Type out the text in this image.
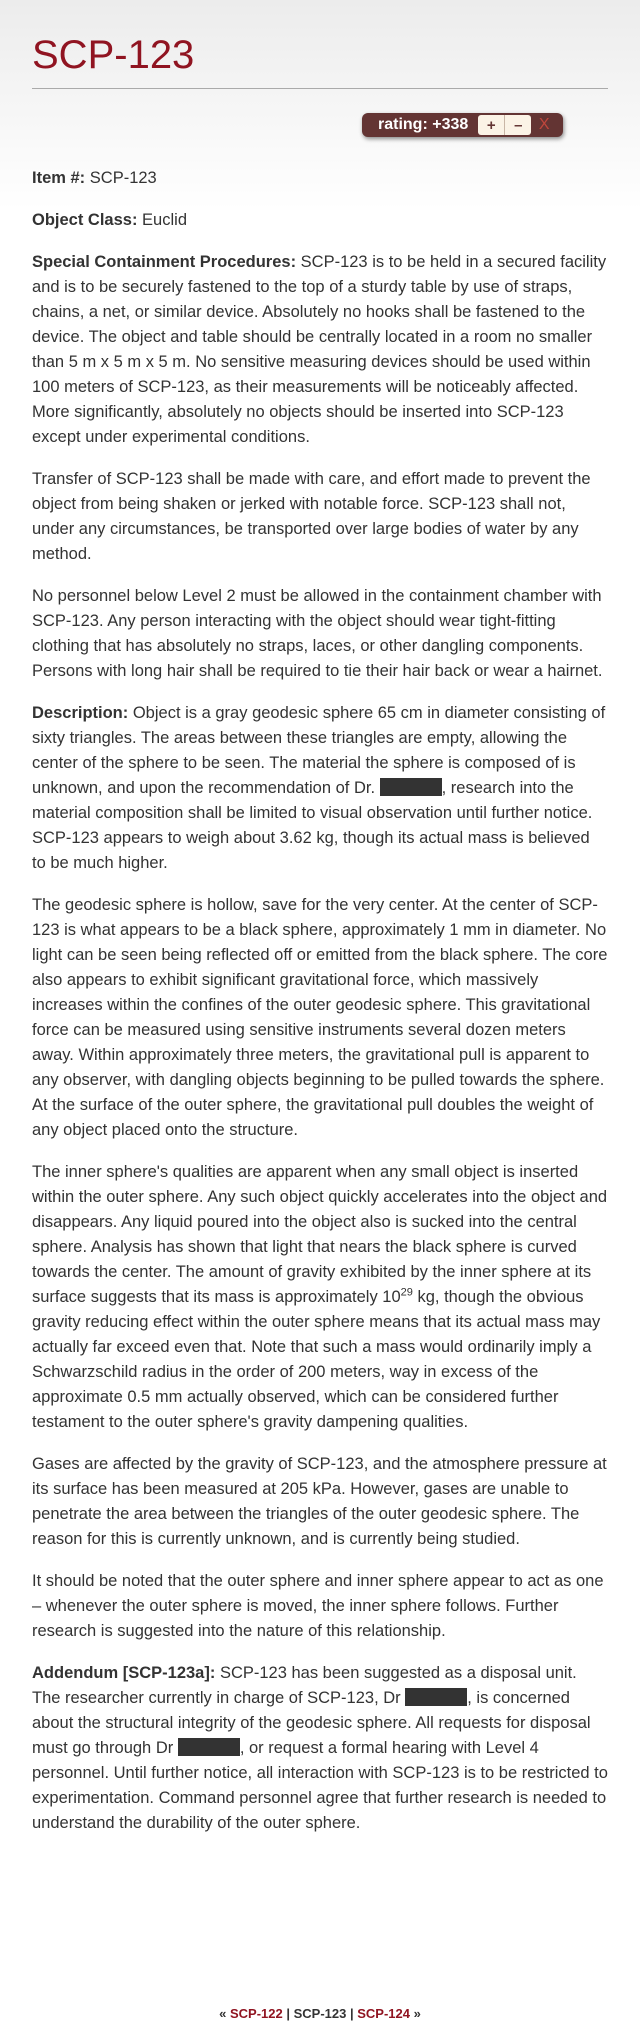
SCP-123
rating: +338	+	–	X

Item #: SCP-123

Object Class: Euclid

Special Containment Procedures: SCP-123 is to be held in a secured facility and is to be securely fastened to the top of a sturdy table by use of straps, chains, a net, or similar device. Absolutely no hooks shall be fastened to the device. The object and table should be centrally located in a room no smaller than 5 m x 5 m x 5 m. No sensitive measuring devices should be used within 100 meters of SCP-123, as their measurements will be noticeably affected. More significantly, absolutely no objects should be inserted into SCP-123 except under experimental conditions.

Transfer of SCP-123 shall be made with care, and effort made to prevent the object from being shaken or jerked with notable force. SCP-123 shall not, under any circumstances, be transported over large bodies of water by any method.

No personnel below Level 2 must be allowed in the containment chamber with SCP-123. Any person interacting with the object should wear tight-fitting clothing that has absolutely no straps, laces, or other dangling components. Persons with long hair shall be required to tie their hair back or wear a hairnet.

Description: Object is a gray geodesic sphere 65 cm in diameter consisting of sixty triangles. The areas between these triangles are empty, allowing the center of the sphere to be seen. The material the sphere is composed of is unknown, and upon the recommendation of Dr.	, research into the material composition shall be limited to visual observation until further notice. SCP-123 appears to weigh about 3.62 kg, though its actual mass is believed to be much higher.

The geodesic sphere is hollow, save for the very center. At the center of SCP-123 is what appears to be a black sphere, approximately 1 mm in diameter. No light can be seen being reflected off or emitted from the black sphere. The core also appears to exhibit significant gravitational force, which massively increases within the confines of the outer geodesic sphere. This gravitational force can be measured using sensitive instruments several dozen meters away. Within approximately three meters, the gravitational pull is apparent to any observer, with dangling objects beginning to be pulled towards the sphere. At the surface of the outer sphere, the gravitational pull doubles the weight of any object placed onto the structure.

The inner sphere's qualities are apparent when any small object is inserted within the outer sphere. Any such object quickly accelerates into the object and disappears. Any liquid poured into the object also is sucked into the central sphere. Analysis has shown that light that nears the black sphere is curved towards the center. The amount of gravity exhibited by the inner sphere at its surface suggests that its mass is approximately $10^{29}$ kg, though the obvious gravity reducing effect within the outer sphere means that its actual mass may actually far exceed even that. Note that such a mass would ordinarily imply a Schwarzschild radius in the order of 200 meters, way in excess of the approximate 0.5 mm actually observed, which can be considered further testament to the outer sphere's gravity dampening qualities.

Gases are affected by the gravity of SCP-123, and the atmosphere pressure at its surface has been measured at 205 kPa. However, gases are unable to penetrate the area between the triangles of the outer geodesic sphere. The reason for this is currently unknown, and is currently being studied.

It should be noted that the outer sphere and inner sphere appear to act as one – whenever the outer sphere is moved, the inner sphere follows. Further research is suggested into the nature of this relationship.

Addendum [SCP-123a]: SCP-123 has been suggested as a disposal unit. The researcher currently in charge of SCP-123, Dr	, is concerned about the structural integrity of the geodesic sphere. All requests for disposal must go through Dr	, or request a formal hearing with Level 4 personnel. Until further notice, all interaction with SCP-123 is to be restricted to experimentation. Command personnel agree that further research is needed to understand the durability of the outer sphere.

« SCP-122 | SCP-123 | SCP-124 »
